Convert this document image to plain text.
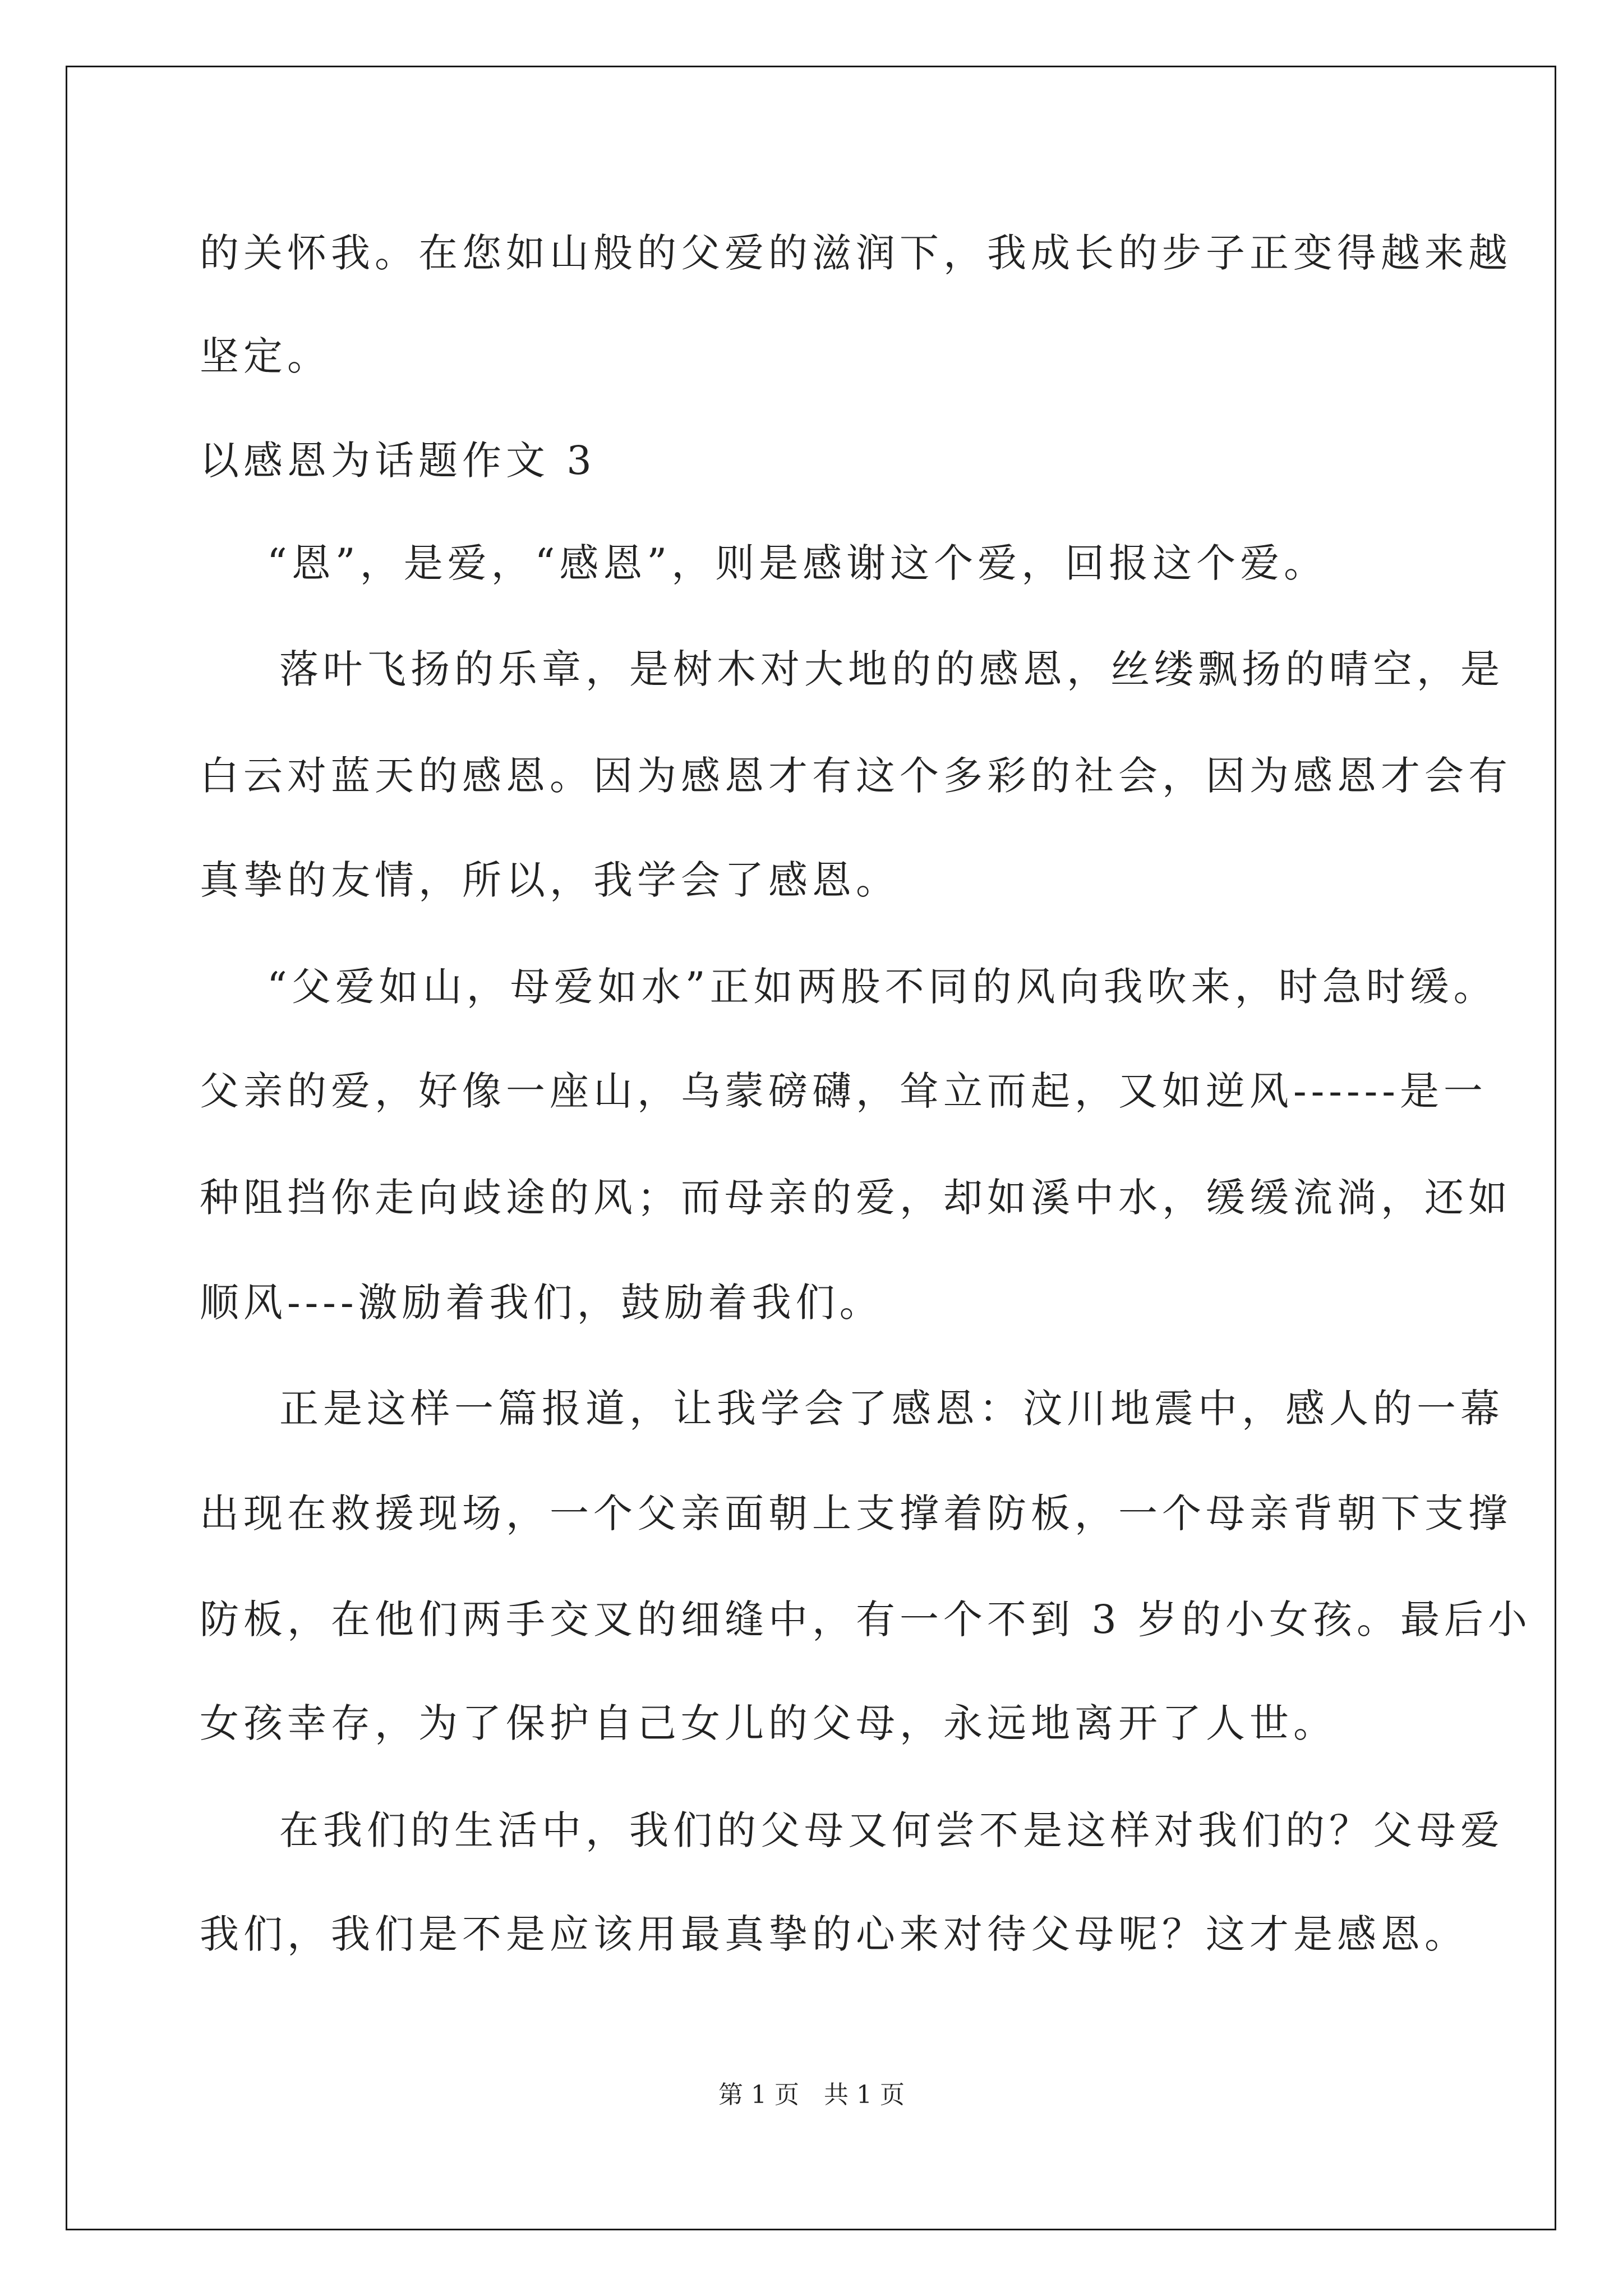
的关怀我。在您如山般的父爱的滋润下，我成长的步子正变得越来越
坚定。
以感恩为话题作文 3
“恩”，是爱，“感恩”，则是感谢这个爱，回报这个爱。
落叶飞扬的乐章，是树木对大地的的感恩，丝缕飘扬的晴空，是
白云对蓝天的感恩。因为感恩才有这个多彩的社会，因为感恩才会有
真挚的友情，所以，我学会了感恩。
“父爱如山，母爱如水”正如两股不同的风向我吹来，时急时缓。
父亲的爱，好像一座山，乌蒙磅礴，耸立而起，又如逆风------是一
种阻挡你走向歧途的风；而母亲的爱，却如溪中水，缓缓流淌，还如
顺风----激励着我们，鼓励着我们。
正是这样一篇报道，让我学会了感恩：汶川地震中，感人的一幕
出现在救援现场，一个父亲面朝上支撑着防板，一个母亲背朝下支撑
防板，在他们两手交叉的细缝中，有一个不到 3 岁的小女孩。最后小
女孩幸存，为了保护自己女儿的父母，永远地离开了人世。
在我们的生活中，我们的父母又何尝不是这样对我们的？父母爱
我们，我们是不是应该用最真挚的心来对待父母呢？这才是感恩。
第 1 页　共 1 页
